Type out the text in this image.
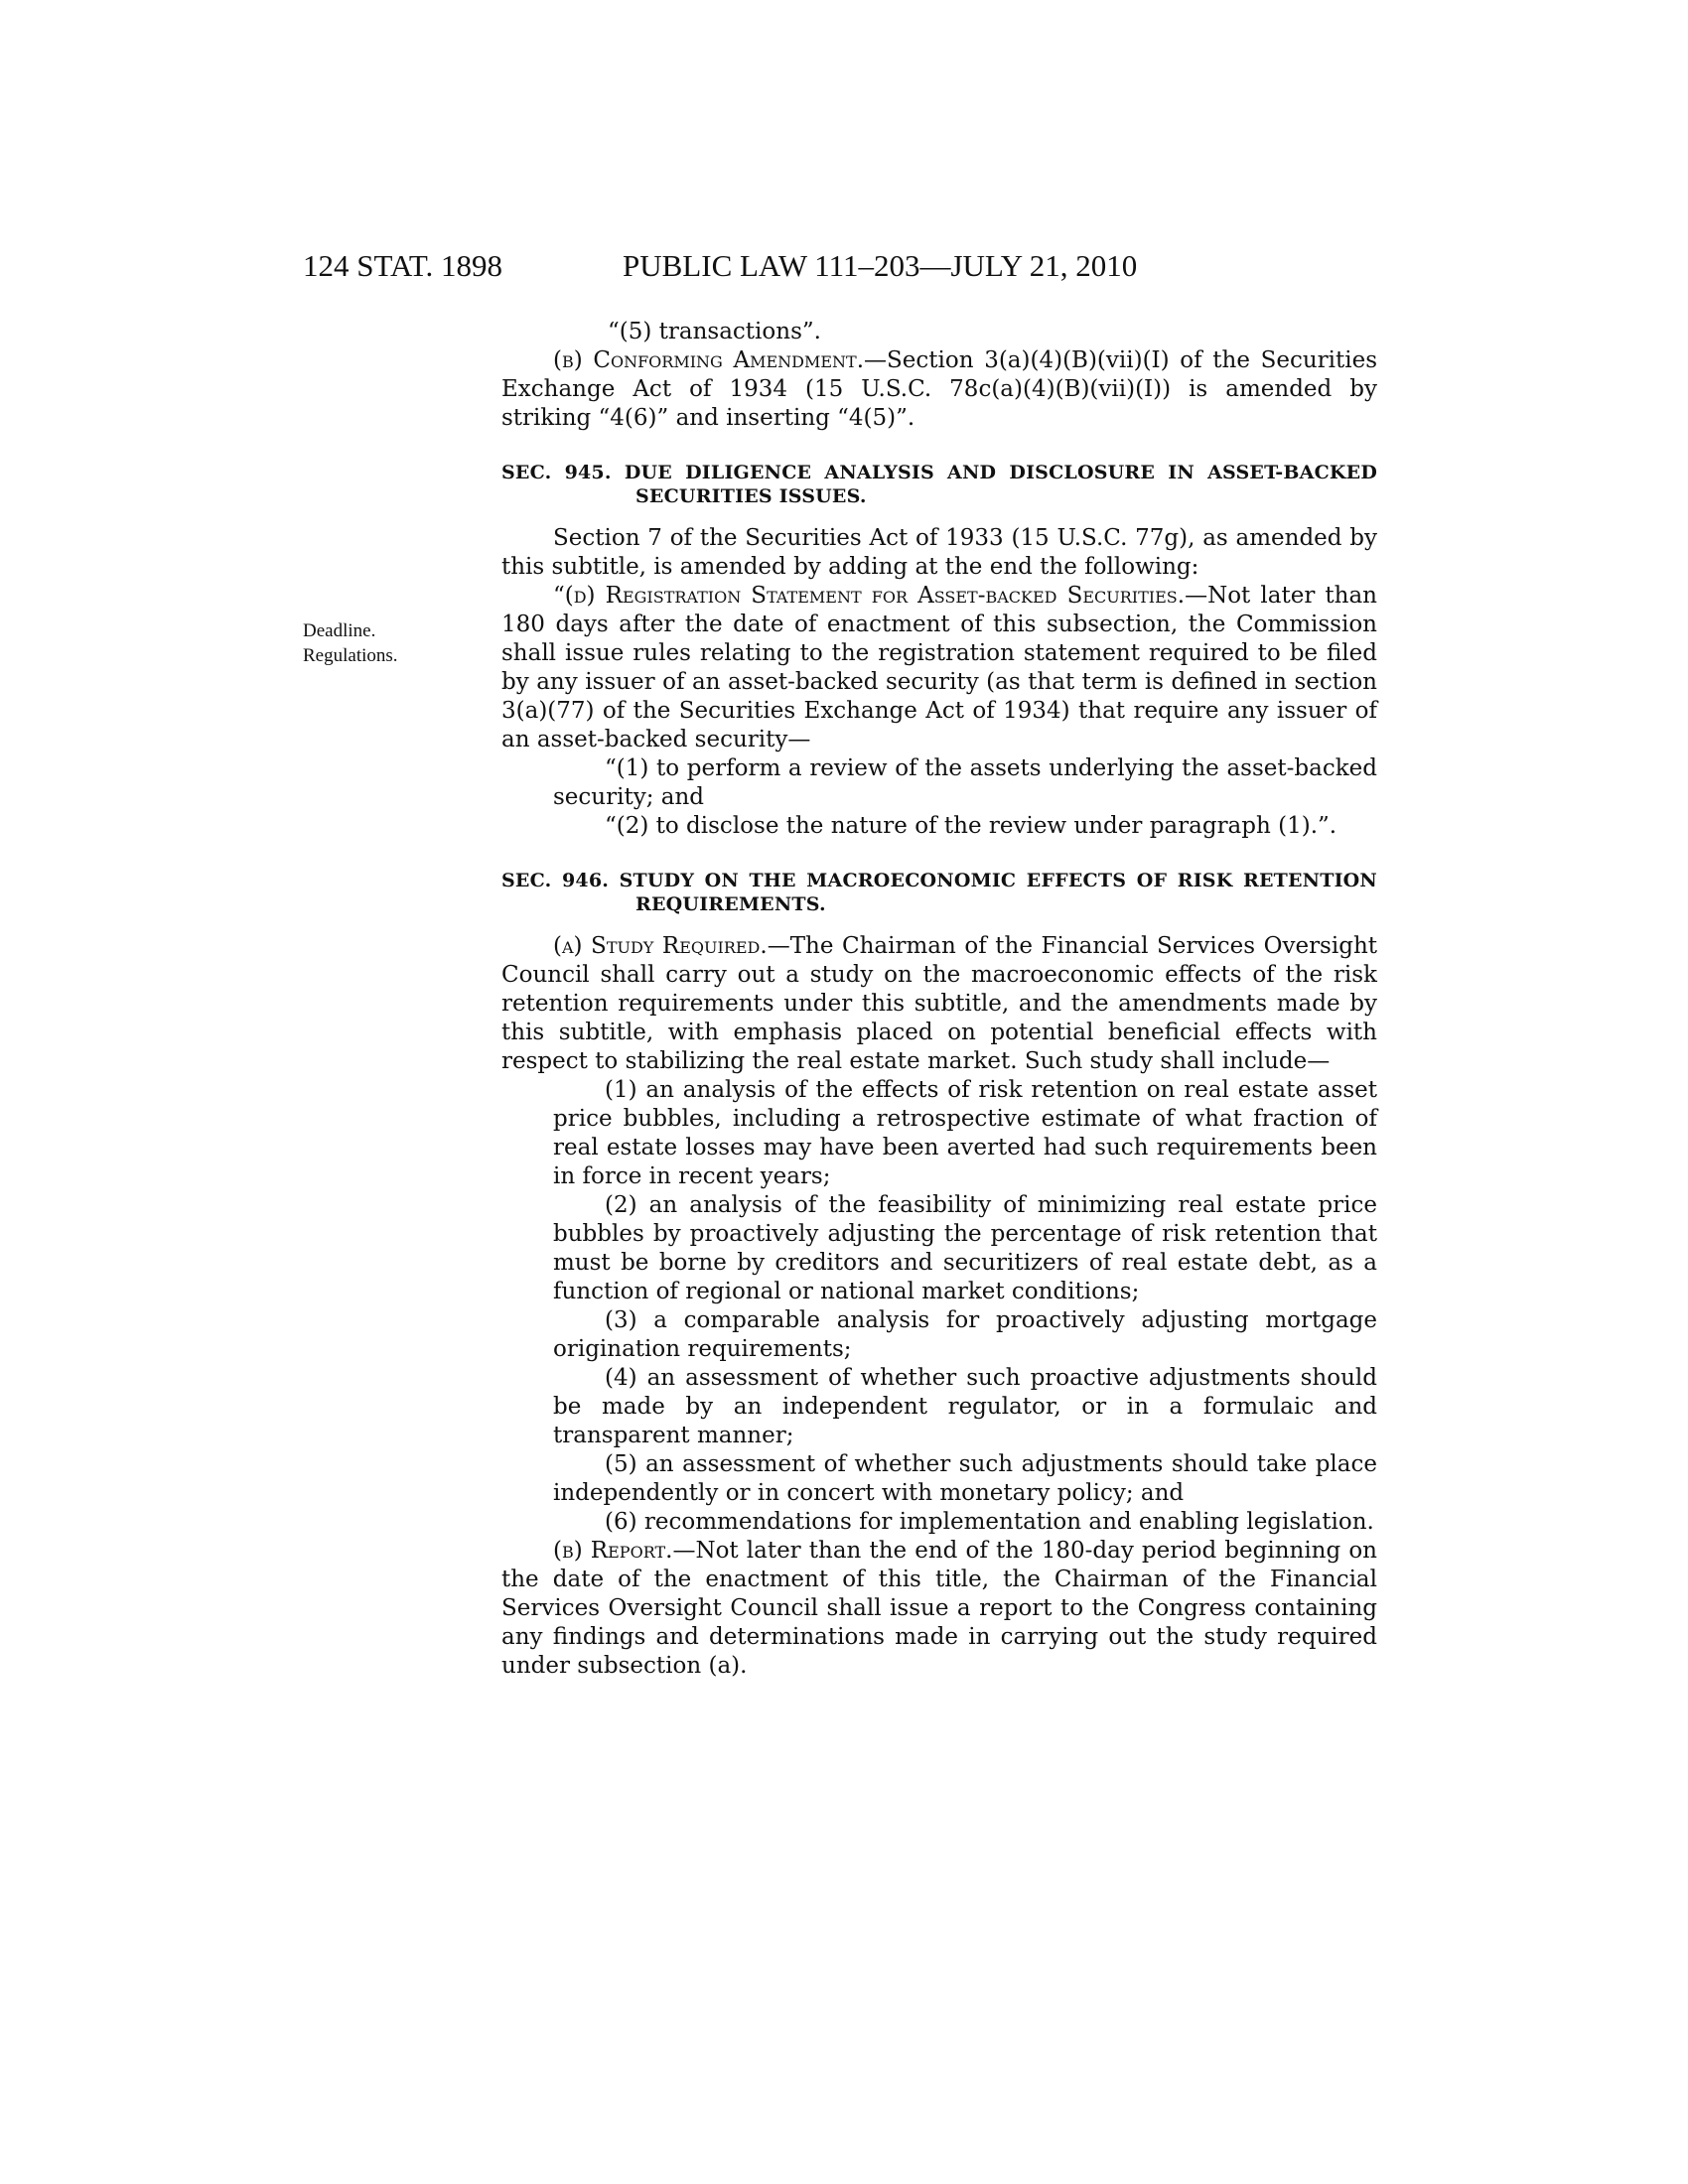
124 STAT. 1898	PUBLIC LAW 111–203—JULY 21, 2010
Deadline.
Regulations.

“(5) transactions”.

(b) Conforming Amendment.—Section 3(a)(4)(B)(vii)(I) of the Securities Exchange Act of 1934 (15 U.S.C. 78c(a)(4)(B)(vii)(I)) is amended by striking “4(6)” and inserting “4(5)”.

SEC. 945. DUE DILIGENCE ANALYSIS AND DISCLOSURE IN ASSET-BACKED SECURITIES ISSUES.

Section 7 of the Securities Act of 1933 (15 U.S.C. 77g), as amended by this subtitle, is amended by adding at the end the following:

“(d) Registration Statement for Asset-backed Securities.—Not later than 180 days after the date of enactment of this subsection, the Commission shall issue rules relating to the registration statement required to be filed by any issuer of an asset-backed security (as that term is defined in section 3(a)(77) of the Securities Exchange Act of 1934) that require any issuer of an asset-backed security—

“(1) to perform a review of the assets underlying the asset-backed security; and

“(2) to disclose the nature of the review under paragraph (1).”.

SEC. 946. STUDY ON THE MACROECONOMIC EFFECTS OF RISK RETENTION REQUIREMENTS.

(a) Study Required.—The Chairman of the Financial Services Oversight Council shall carry out a study on the macroeconomic effects of the risk retention requirements under this subtitle, and the amendments made by this subtitle, with emphasis placed on potential beneficial effects with respect to stabilizing the real estate market. Such study shall include—

(1) an analysis of the effects of risk retention on real estate asset price bubbles, including a retrospective estimate of what fraction of real estate losses may have been averted had such requirements been in force in recent years;

(2) an analysis of the feasibility of minimizing real estate price bubbles by proactively adjusting the percentage of risk retention that must be borne by creditors and securitizers of real estate debt, as a function of regional or national market conditions;

(3) a comparable analysis for proactively adjusting mortgage origination requirements;

(4) an assessment of whether such proactive adjustments should be made by an independent regulator, or in a formulaic and transparent manner;

(5) an assessment of whether such adjustments should take place independently or in concert with monetary policy; and

(6) recommendations for implementation and enabling legislation.

(b) Report.—Not later than the end of the 180-day period beginning on the date of the enactment of this title, the Chairman of the Financial Services Oversight Council shall issue a report to the Congress containing any findings and determinations made in carrying out the study required under subsection (a).
